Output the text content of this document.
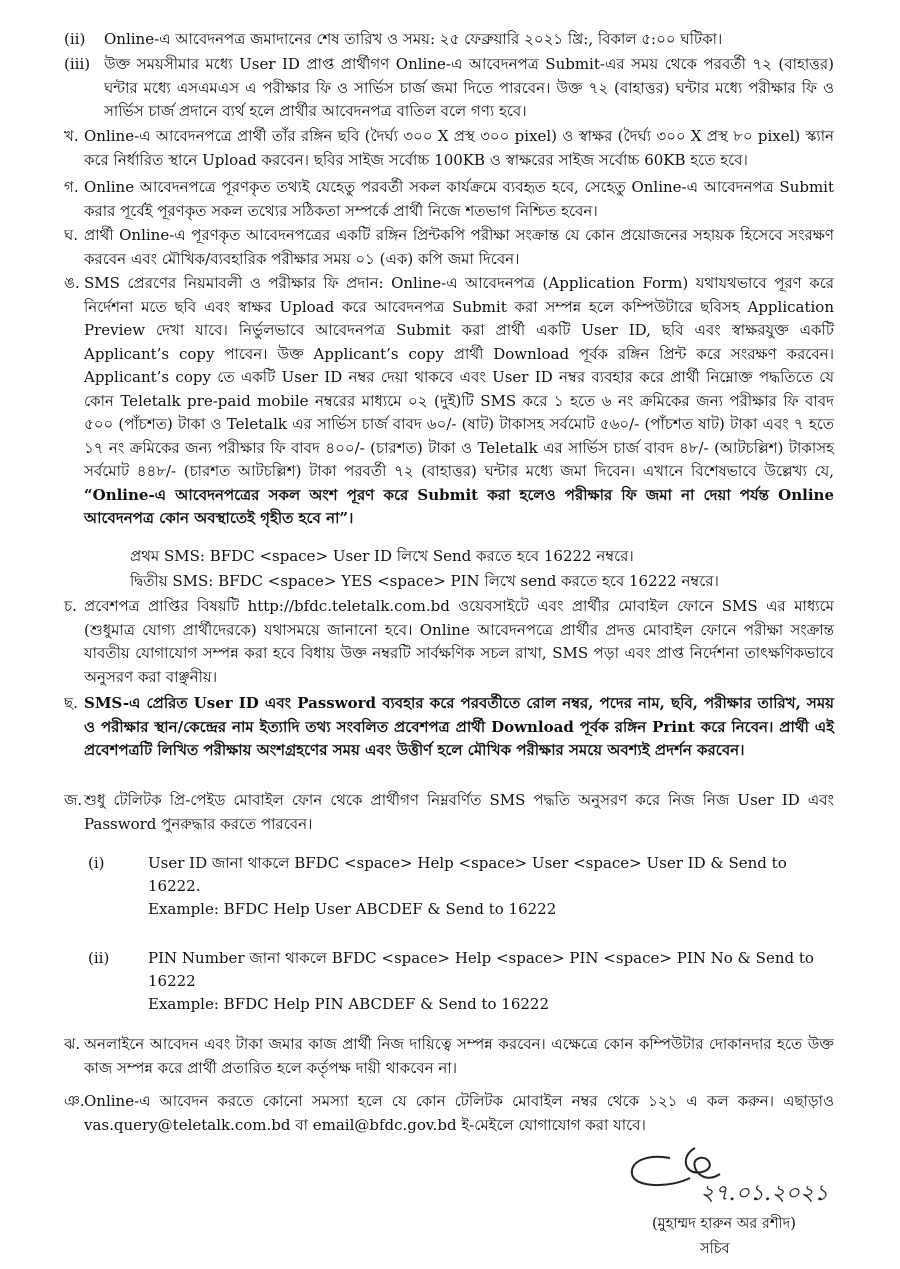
(ii)	Online-এ আবেদনপত্র জমাদানের শেষ তারিখ ও সময়: ২৫ ফেব্রুয়ারি ২০২১ খ্রি:, বিকাল ৫:০০ ঘটিকা।
(iii) উক্ত সময়সীমার মধ্যে User ID প্রাপ্ত প্রার্থীগণ Online-এ আবেদনপত্র Submit-এর সময় থেকে পরবর্তী ৭২ (বাহাত্তর) ঘন্টার মধ্যে এসএমএস এ পরীক্ষার ফি ও সার্ভিস চার্জ জমা দিতে পারবেন। উক্ত ৭২ (বাহাত্তর) ঘন্টার মধ্যে পরীক্ষার ফি ও সার্ভিস চার্জ প্রদানে ব্যর্থ হলে প্রার্থীর আবেদনপত্র বাতিল বলে গণ্য হবে।
খ. Online-এ আবেদনপত্রে প্রার্থী তাঁর রঙ্গিন ছবি (দৈর্ঘ্য ৩০০ X প্রস্থ ৩০০ pixel) ও স্বাক্ষর (দৈর্ঘ্য ৩০০ X প্রস্থ ৮০ pixel) স্ক্যান করে নির্ধারিত স্থানে Upload করবেন। ছবির সাইজ সর্বোচ্চ 100KB ও স্বাক্ষরের সাইজ সর্বোচ্চ 60KB হতে হবে।
গ. Online আবেদনপত্রে পূরণকৃত তথ্যই যেহেতু পরবর্তী সকল কার্যক্রমে ব্যবহৃত হবে, সেহেতু Online-এ আবেদনপত্র Submit করার পূর্বেই পূরণকৃত সকল তথ্যের সঠিকতা সম্পর্কে প্রার্থী নিজে শতভাগ নিশ্চিত হবেন।
ঘ. প্রার্থী Online-এ পূরণকৃত আবেদনপত্রের একটি রঙ্গিন প্রিন্টকপি পরীক্ষা সংক্রান্ত যে কোন প্রয়োজনের সহায়ক হিসেবে সংরক্ষণ করবেন এবং মৌখিক/ব্যবহারিক পরীক্ষার সময় ০১ (এক) কপি জমা দিবেন।
ঙ. SMS প্রেরণের নিয়মাবলী ও পরীক্ষার ফি প্রদান: Online-এ আবেদনপত্র (Application Form) যথাযথভাবে পূরণ করে নির্দেশনা মতে ছবি এবং স্বাক্ষর Upload করে আবেদনপত্র Submit করা সম্পন্ন হলে কম্পিউটারে ছবিসহ Application Preview দেখা যাবে। নির্ভুলভাবে আবেদনপত্র Submit করা প্রার্থী একটি User ID, ছবি এবং স্বাক্ষরযুক্ত একটি Applicant’s copy পাবেন। উক্ত Applicant’s copy প্রার্থী Download পূর্বক রঙ্গিন প্রিন্ট করে সংরক্ষণ করবেন। Applicant’s copy তে একটি User ID নম্বর দেয়া থাকবে এবং User ID নম্বর ব্যবহার করে প্রার্থী নিম্নোক্ত পদ্ধতিতে যে কোন Teletalk pre-paid mobile নম্বরের মাধ্যমে ০২ (দুই)টি SMS করে ১ হতে ৬ নং ক্রমিকের জন্য পরীক্ষার ফি বাবদ ৫০০ (পাঁচশত) টাকা ও Teletalk এর সার্ভিস চার্জ বাবদ ৬০/- (ষাট) টাকাসহ সর্বমোট ৫৬০/- (পাঁচশত ষাট) টাকা এবং ৭ হতে ১৭ নং ক্রমিকের জন্য পরীক্ষার ফি বাবদ ৪০০/- (চারশত) টাকা ও Teletalk এর সার্ভিস চার্জ বাবদ ৪৮/- (আটচল্লিশ) টাকাসহ সর্বমোট ৪৪৮/- (চারশত আটচল্লিশ) টাকা পরবর্তী ৭২ (বাহাত্তর) ঘন্টার মধ্যে জমা দিবেন। এখানে বিশেষভাবে উল্লেখ্য যে, “Online-এ আবেদনপত্রের সকল অংশ পূরণ করে Submit করা হলেও পরীক্ষার ফি জমা না দেয়া পর্যন্ত Online আবেদনপত্র কোন অবস্থাতেই গৃহীত হবে না”।
প্রথম SMS: BFDC <space> User ID লিখে Send করতে হবে 16222 নম্বরে।
দ্বিতীয় SMS: BFDC <space> YES <space> PIN লিখে send করতে হবে 16222 নম্বরে।
চ. প্রবেশপত্র প্রাপ্তির বিষয়টি http://bfdc.teletalk.com.bd ওয়েবসাইটে এবং প্রার্থীর মোবাইল ফোনে SMS এর মাধ্যমে (শুধুমাত্র যোগ্য প্রার্থীদেরকে) যথাসময়ে জানানো হবে। Online আবেদনপত্রে প্রার্থীর প্রদত্ত মোবাইল ফোনে পরীক্ষা সংক্রান্ত যাবতীয় যোগাযোগ সম্পন্ন করা হবে বিধায় উক্ত নম্বরটি সার্বক্ষণিক সচল রাখা, SMS পড়া এবং প্রাপ্ত নির্দেশনা তাৎক্ষণিকভাবে অনুসরণ করা বাঞ্ছনীয়।
ছ. SMS-এ প্রেরিত User ID এবং Password ব্যবহার করে পরবর্তীতে রোল নম্বর, পদের নাম, ছবি, পরীক্ষার তারিখ, সময় ও পরীক্ষার স্থান/কেন্দ্রের নাম ইত্যাদি তথ্য সংবলিত প্রবেশপত্র প্রার্থী Download পূর্বক রঙ্গিন Print করে নিবেন। প্রার্থী এই প্রবেশপত্রটি লিখিত পরীক্ষায় অংশগ্রহণের সময় এবং উত্তীর্ণ হলে মৌখিক পরীক্ষার সময়ে অবশ্যই প্রদর্শন করবেন।
জ. শুধু টেলিটক প্রি-পেইড মোবাইল ফোন থেকে প্রার্থীগণ নিম্নবর্ণিত SMS পদ্ধতি অনুসরণ করে নিজ নিজ User ID এবং Password পুনরুদ্ধার করতে পারবেন।
(i)	User ID জানা থাকলে BFDC <space> Help <space> User <space> User ID & Send to 16222.
Example: BFDC Help User ABCDEF & Send to 16222
(ii)	PIN Number জানা থাকলে BFDC <space> Help <space> PIN <space> PIN No & Send to 16222
Example: BFDC Help PIN ABCDEF & Send to 16222
ঝ. অনলাইনে আবেদন এবং টাকা জমার কাজ প্রার্থী নিজ দায়িত্বে সম্পন্ন করবেন। এক্ষেত্রে কোন কম্পিউটার দোকানদার হতে উক্ত কাজ সম্পন্ন করে প্রার্থী প্রতারিত হলে কর্তৃপক্ষ দায়ী থাকবেন না।
ঞ. Online-এ আবেদন করতে কোনো সমস্যা হলে যে কোন টেলিটক মোবাইল নম্বর থেকে ১২১ এ কল করুন। এছাড়াও vas.query@teletalk.com.bd বা email@bfdc.gov.bd ই-মেইলে যোগাযোগ করা যাবে।
২৭.০১.২০২১
(মুহাম্মদ হারুন অর রশীদ)
সচিব
